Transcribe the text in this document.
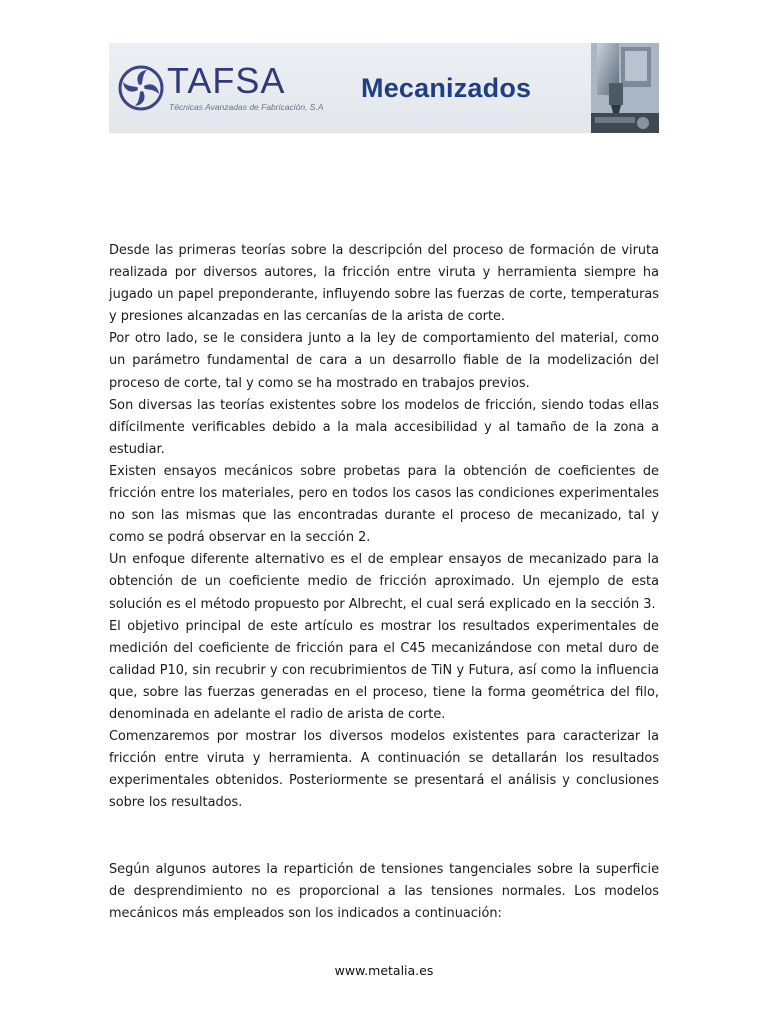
TAFSA
Técnicas Avanzadas de Fabricación, S.A
Mecanizados

Desde las primeras teorías sobre la descripción del proceso de formación de viruta realizada por diversos autores, la fricción entre viruta y herramienta siempre ha jugado un papel preponderante, influyendo sobre las fuerzas de corte, temperaturas y presiones alcanzadas en las cercanías de la arista de corte.

Por otro lado, se le considera junto a la ley de comportamiento del material, como un parámetro fundamental de cara a un desarrollo fiable de la modelización del proceso de corte, tal y como se ha mostrado en trabajos previos.

Son diversas las teorías existentes sobre los modelos de fricción, siendo todas ellas difícilmente verificables debido a la mala accesibilidad y al tamaño de la zona a estudiar.

Existen ensayos mecánicos sobre probetas para la obtención de coeficientes de fricción entre los materiales, pero en todos los casos las condiciones experimentales no son las mismas que las encontradas durante el proceso de mecanizado, tal y como se podrá observar en la sección 2.

Un enfoque diferente alternativo es el de emplear ensayos de mecanizado para la obtención de un coeficiente medio de fricción aproximado. Un ejemplo de esta solución es el método propuesto por Albrecht, el cual será explicado en la sección 3.

El objetivo principal de este artículo es mostrar los resultados experimentales de medición del coeficiente de fricción para el C45 mecanizándose con metal duro de calidad P10, sin recubrir y con recubrimientos de TiN y Futura, así como la influencia que, sobre las fuerzas generadas en el proceso, tiene la forma geométrica del filo, denominada en adelante el radio de arista de corte.

Comenzaremos por mostrar los diversos modelos existentes para caracterizar la fricción entre viruta y herramienta. A continuación se detallarán los resultados experimentales obtenidos. Posteriormente se presentará el análisis y conclusiones sobre los resultados.

Según algunos autores la repartición de tensiones tangenciales sobre la superficie de desprendimiento no es proporcional a las tensiones normales. Los modelos mecánicos más empleados son los indicados a continuación:

www.metalia.es
